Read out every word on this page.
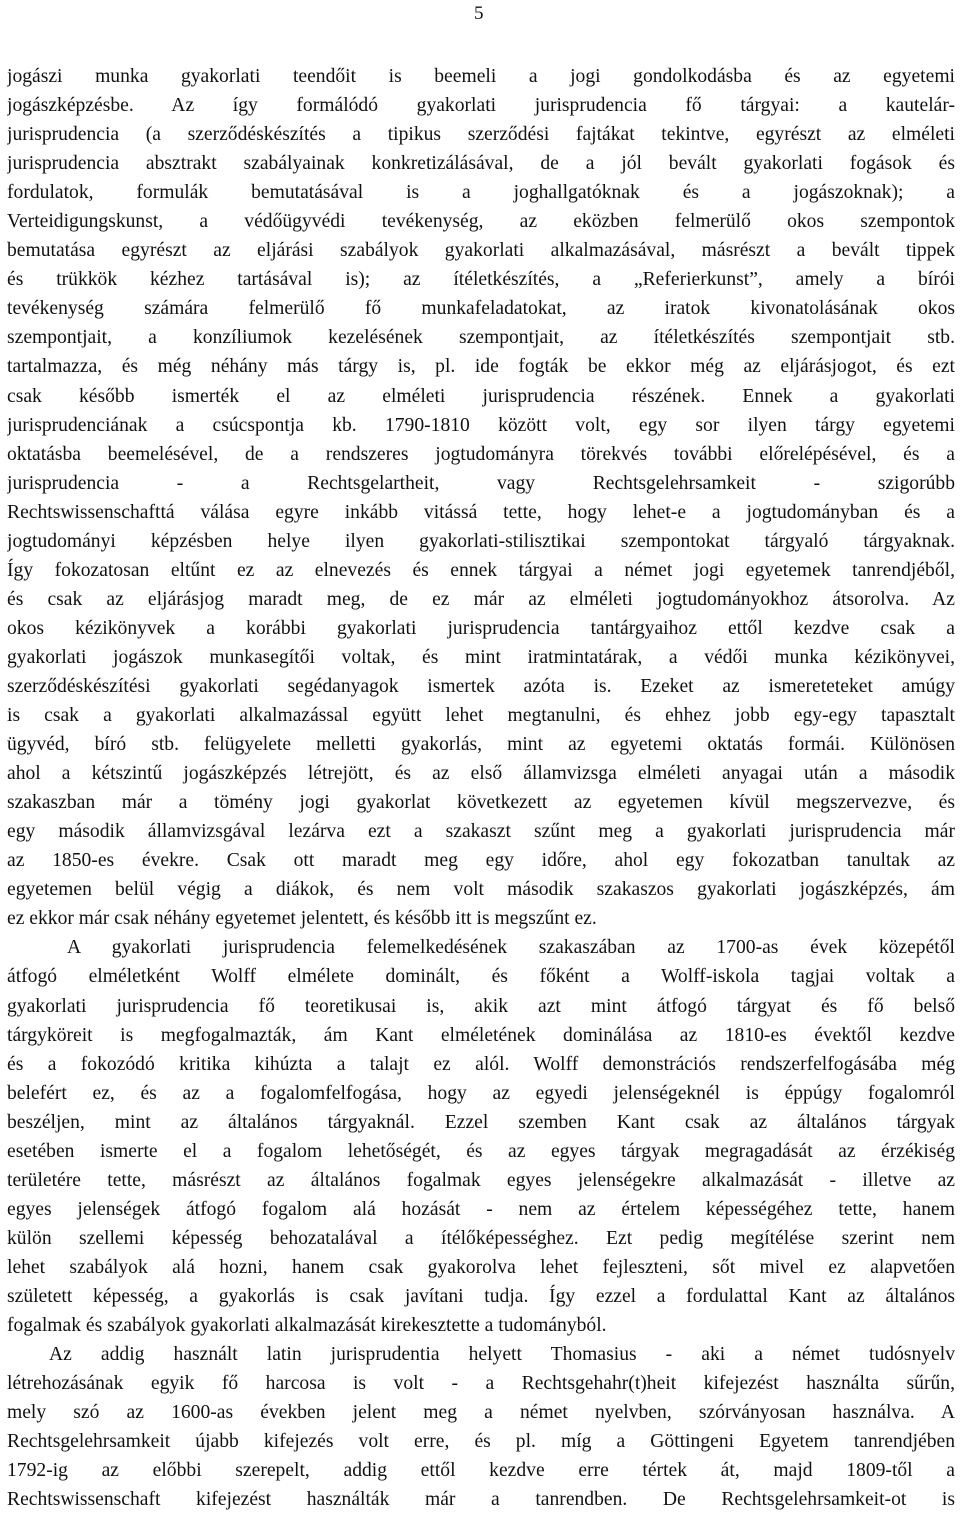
5
jogászi munka gyakorlati teendőit is beemeli a jogi gondolkodásba és az egyetemi
jogászképzésbe. Az így formálódó gyakorlati jurisprudencia fő tárgyai: a kautelár-
jurisprudencia (a szerződéskészítés a tipikus szerződési fajtákat tekintve, egyrészt az elméleti
jurisprudencia absztrakt szabályainak konkretizálásával, de a jól bevált gyakorlati fogások és
fordulatok, formulák bemutatásával is a joghallgatóknak és a jogászoknak); a
Verteidigungskunst, a védőügyvédi tevékenység, az eközben felmerülő okos szempontok
bemutatása egyrészt az eljárási szabályok gyakorlati alkalmazásával, másrészt a bevált tippek
és trükkök kézhez tartásával is); az ítéletkészítés, a „Referierkunst”, amely a bírói
tevékenység számára felmerülő fő munkafeladatokat, az iratok kivonatolásának okos
szempontjait, a konzíliumok kezelésének szempontjait, az ítéletkészítés szempontjait stb.
tartalmazza, és még néhány más tárgy is, pl. ide fogták be ekkor még az eljárásjogot, és ezt
csak később ismerték el az elméleti jurisprudencia részének. Ennek a gyakorlati
jurisprudenciának a csúcspontja kb. 1790-1810 között volt, egy sor ilyen tárgy egyetemi
oktatásba beemelésével, de a rendszeres jogtudományra törekvés további előrelépésével, és a
jurisprudencia - a Rechtsgelartheit, vagy Rechtsgelehrsamkeit - szigorúbb
Rechtswissenschafttá válása egyre inkább vitássá tette, hogy lehet-e a jogtudományban és a
jogtudományi képzésben helye ilyen gyakorlati-stilisztikai szempontokat tárgyaló tárgyaknak.
Így fokozatosan eltűnt ez az elnevezés és ennek tárgyai a német jogi egyetemek tanrendjéből,
és csak az eljárásjog maradt meg, de ez már az elméleti jogtudományokhoz átsorolva. Az
okos kézikönyvek a korábbi gyakorlati jurisprudencia tantárgyaihoz ettől kezdve csak a
gyakorlati jogászok munkasegítői voltak, és mint iratmintatárak, a védői munka kézikönyvei,
szerződéskészítési gyakorlati segédanyagok ismertek azóta is. Ezeket az ismereteteket amúgy
is csak a gyakorlati alkalmazással együtt lehet megtanulni, és ehhez jobb egy-egy tapasztalt
ügyvéd, bíró stb. felügyelete melletti gyakorlás, mint az egyetemi oktatás formái. Különösen
ahol a kétszintű jogászképzés létrejött, és az első államvizsga elméleti anyagai után a második
szakaszban már a tömény jogi gyakorlat következett az egyetemen kívül megszervezve, és
egy második államvizsgával lezárva ezt a szakaszt szűnt meg a gyakorlati jurisprudencia már
az 1850-es évekre. Csak ott maradt meg egy időre, ahol egy fokozatban tanultak az
egyetemen belül végig a diákok, és nem volt második szakaszos gyakorlati jogászképzés, ám
ez ekkor már csak néhány egyetemet jelentett, és később itt is megszűnt ez.
A gyakorlati jurisprudencia felemelkedésének szakaszában az 1700-as évek közepétől
átfogó elméletként Wolff elmélete dominált, és főként a Wolff-iskola tagjai voltak a
gyakorlati jurisprudencia fő teoretikusai is, akik azt mint átfogó tárgyat és fő belső
tárgyköreit is megfogalmazták, ám Kant elméletének dominálása az 1810-es évektől kezdve
és a fokozódó kritika kihúzta a talajt ez alól. Wolff demonstrációs rendszerfelfogásába még
belefért ez, és az a fogalomfelfogása, hogy az egyedi jelenségeknél is éppúgy fogalomról
beszéljen, mint az általános tárgyaknál. Ezzel szemben Kant csak az általános tárgyak
esetében ismerte el a fogalom lehetőségét, és az egyes tárgyak megragadását az érzékiség
területére tette, másrészt az általános fogalmak egyes jelenségekre alkalmazását - illetve az
egyes jelenségek átfogó fogalom alá hozását - nem az értelem képességéhez tette, hanem
külön szellemi képesség behozatalával a ítélőképességhez. Ezt pedig megítélése szerint nem
lehet szabályok alá hozni, hanem csak gyakorolva lehet fejleszteni, sőt mivel ez alapvetően
született képesség, a gyakorlás is csak javítani tudja. Így ezzel a fordulattal Kant az általános
fogalmak és szabályok gyakorlati alkalmazását kirekesztette a tudományból.
Az addig használt latin jurisprudentia helyett Thomasius - aki a német tudósnyelv
létrehozásának egyik fő harcosa is volt - a Rechtsgehahr(t)heit kifejezést használta sűrűn,
mely szó az 1600-as években jelent meg a német nyelvben, szórványosan használva. A
Rechtsgelehrsamkeit újabb kifejezés volt erre, és pl. míg a Göttingeni Egyetem tanrendjében
1792-ig az előbbi szerepelt, addig ettől kezdve erre tértek át, majd 1809-től a
Rechtswissenschaft kifejezést használták már a tanrendben. De Rechtsgelehrsamkeit-ot is
